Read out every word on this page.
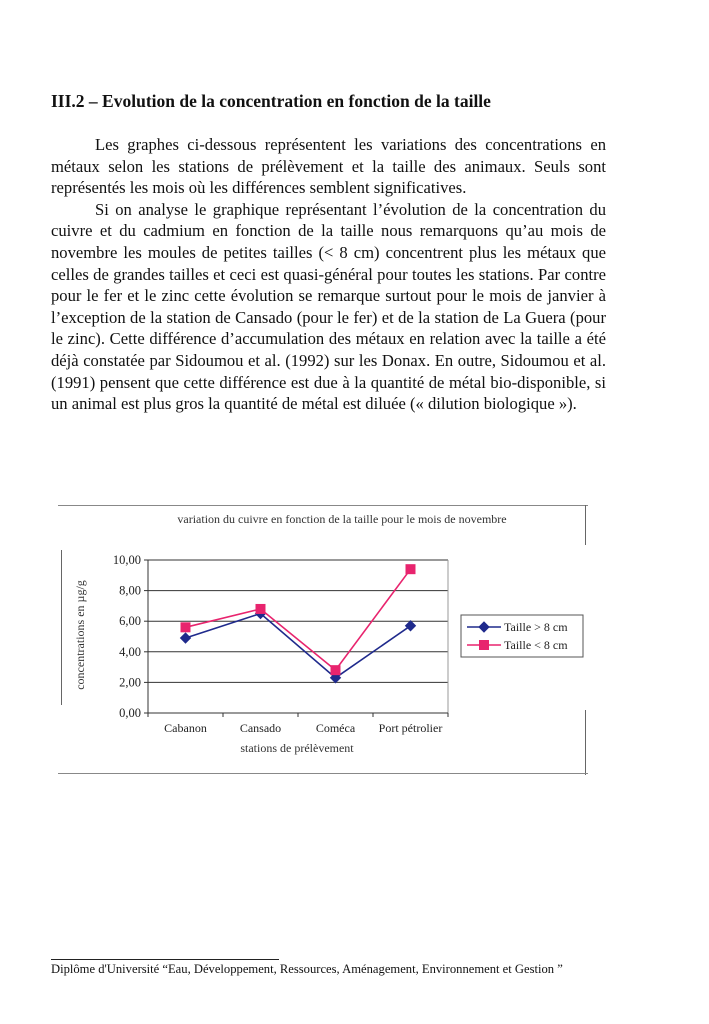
III.2 – Evolution de la concentration en fonction de la taille

Les graphes ci-dessous représentent les variations des concentrations en métaux selon les stations de prélèvement et la taille des animaux. Seuls sont représentés les mois où les différences semblent significatives.

Si on analyse le graphique représentant l’évolution de la concentration du cuivre et du cadmium en fonction de la taille nous remarquons qu’au mois de novembre les moules de petites tailles (< 8 cm) concentrent plus les métaux que celles de grandes tailles et ceci est quasi-général pour toutes les stations. Par contre pour le fer et le zinc cette évolution se remarque surtout pour le mois de janvier à l’exception de la station de Cansado (pour le fer) et de la station de La Guera (pour le zinc). Cette différence d’accumulation des métaux en relation avec la taille a été déjà constatée par Sidoumou et al. (1992) sur les Donax. En outre, Sidoumou et al. (1991) pensent que cette différence est due à la quantité de métal bio-disponible, si un animal est plus gros la quantité de métal est diluée (« dilution biologique »).

variation du cuivre en fonction de la taille pour le mois de novembre
concentrations en µg/g
stations de prélèvement
0,00
2,00
4,00
6,00
8,00
10,00
Cabanon	Cansado	Coméca Port pétrolier
Taille > 8 cm
Taille < 8 cm
Diplôme d'Université “Eau, Développement, Ressources, Aménagement, Environnement et Gestion ”
